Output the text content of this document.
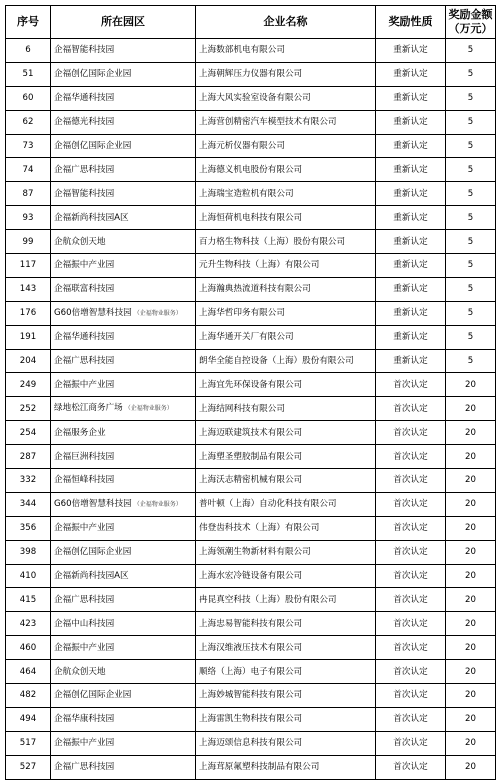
序号	所在园区	企业名称	奖励性质	奖励金额
（万元）

6	企福智能科技园	上海数部机电有限公司	重新认定	5
51	企福创亿国际企业园	上海朝辉压力仪器有限公司	重新认定	5
60	企福华通科技园	上海大风实验室设备有限公司	重新认定	5
62	企福德光科技园	上海营创精密汽车模型技术有限公司	重新认定	5
73	企福创亿国际企业园	上海元析仪器有限公司	重新认定	5
74	企福广思科技园	上海德义机电股份有限公司	重新认定	5
87	企福智能科技园	上海瑞宝造粒机有限公司	重新认定	5
93	企福新尚科技园A区	上海恒荷机电科技有限公司	重新认定	5
99	企航众创天地	百力格生物科技（上海）股份有限公司	重新认定	5
117	企福振中产业园	元升生物科技（上海）有限公司	重新认定	5
143	企福联富科技园	上海瀚典热流道科技有限公司	重新认定	5
176	G60倍增智慧科技园 （企福物业服务）	上海华哲印务有限公司	重新认定	5
191	企福华通科技园	上海华通开关厂有限公司	重新认定	5
204	企福广思科技园	朗华全能自控设备（上海）股份有限公司	重新认定	5
249	企福振中产业园	上海宜先环保设备有限公司	首次认定	20
252	绿地松江商务广场 （企福物业服务）	上海结网科技有限公司	首次认定	20
254	企福服务企业	上海迈联建筑技术有限公司	首次认定	20
287	企福巨洲科技园	上海塑圣塑胶制品有限公司	首次认定	20
332	企福恒峰科技园	上海沃志精密机械有限公司	首次认定	20
344	G60倍增智慧科技园 （企福物业服务）	普叶顿（上海）自动化科技有限公司	首次认定	20
356	企福振中产业园	伟登齿科技术（上海）有限公司	首次认定	20
398	企福创亿国际企业园	上海领潮生物新材料有限公司	首次认定	20
410	企福新尚科技园A区	上海水宏冷链设备有限公司	首次认定	20
415	企福广思科技园	冉昆真空科技（上海）股份有限公司	首次认定	20
423	企福中山科技园	上海忠易智能科技有限公司	首次认定	20
460	企福振中产业园	上海汉维液压技术有限公司	首次认定	20
464	企航众创天地	顺络（上海）电子有限公司	首次认定	20
482	企福创亿国际企业园	上海妙城智能科技有限公司	首次认定	20
494	企福华康科技园	上海雷凯生物科技有限公司	首次认定	20
517	企福振中产业园	上海迈颂信息科技有限公司	首次认定	20
527	企福广思科技园	上海茸原氟塑科技制品有限公司	首次认定	20
